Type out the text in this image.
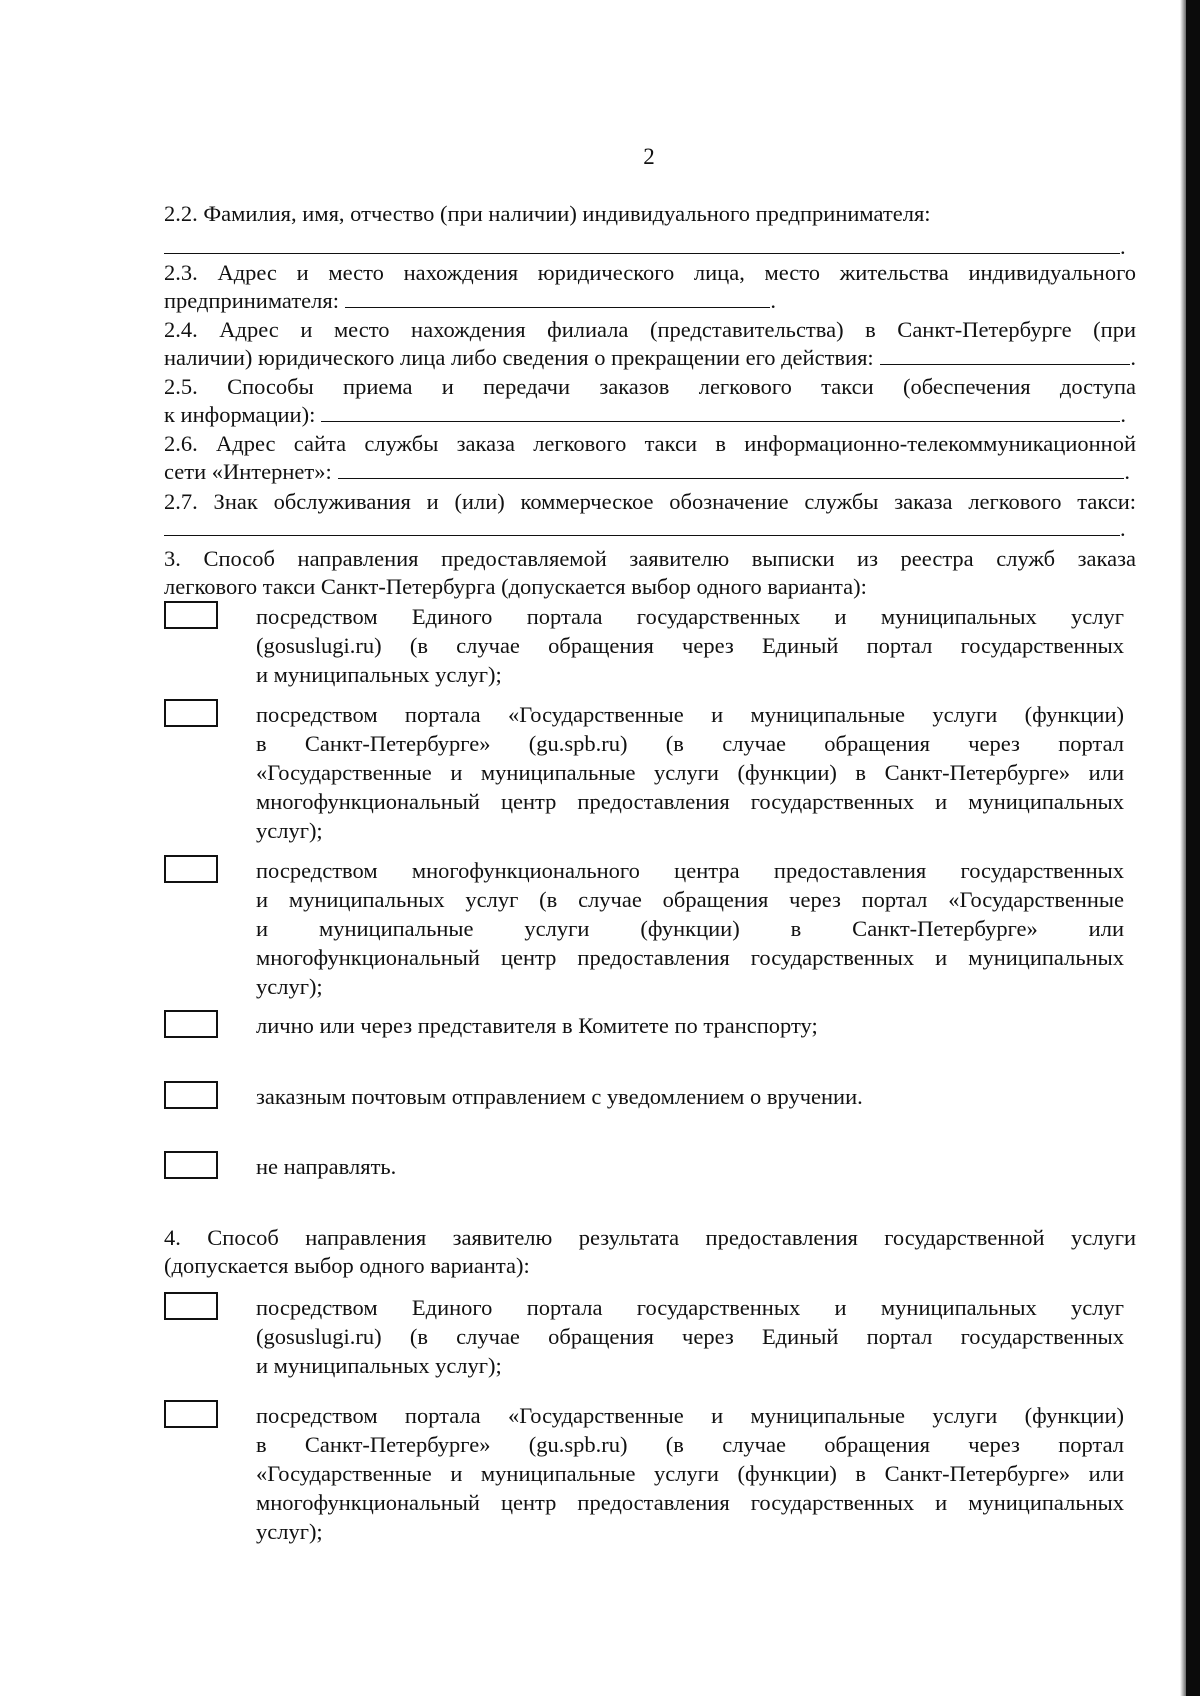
2

2.2. Фамилия, имя, отчество (при наличии) индивидуального предпринимателя:

.
2.3. Адрес и место нахождения юридического лица, место жительства индивидуального
предпринимателя:	.
2.4. Адрес и место нахождения филиала (представительства) в Санкт-Петербурге (при
наличии) юридического лица либо сведения о прекращении его действия:	.
2.5. Способы приема и передачи заказов легкового такси (обеспечения доступа
к информации):	.
2.6. Адрес сайта службы заказа легкового такси в информационно-телекоммуникационной
сети «Интернет»:	.

2.7. Знак обслуживания и (или) коммерческое обозначение службы заказа легкового такси:

.
3. Способ направления предоставляемой заявителю выписки из реестра служб заказа
легкового такси Санкт-Петербурга (допускается выбор одного варианта):
посредством Единого портала государственных и муниципальных услуг
(gosuslugi.ru) (в случае обращения через Единый портал государственных
и муниципальных услуг);
посредством портала «Государственные и муниципальные услуги (функции)
в Санкт-Петербурге» (gu.spb.ru) (в случае обращения через портал
«Государственные и муниципальные услуги (функции) в Санкт-Петербурге» или
многофункциональный центр предоставления государственных и муниципальных
услуг);
посредством многофункционального центра предоставления государственных
и муниципальных услуг (в случае обращения через портал «Государственные
и муниципальные услуги (функции) в Санкт-Петербурге» или
многофункциональный центр предоставления государственных и муниципальных
услуг);
лично или через представителя в Комитете по транспорту;
заказным почтовым отправлением с уведомлением о вручении.
не направлять.
4. Способ направления заявителю результата предоставления государственной услуги
(допускается выбор одного варианта):
посредством Единого портала государственных и муниципальных услуг
(gosuslugi.ru) (в случае обращения через Единый портал государственных
и муниципальных услуг);
посредством портала «Государственные и муниципальные услуги (функции)
в Санкт-Петербурге» (gu.spb.ru) (в случае обращения через портал
«Государственные и муниципальные услуги (функции) в Санкт-Петербурге» или
многофункциональный центр предоставления государственных и муниципальных
услуг);
